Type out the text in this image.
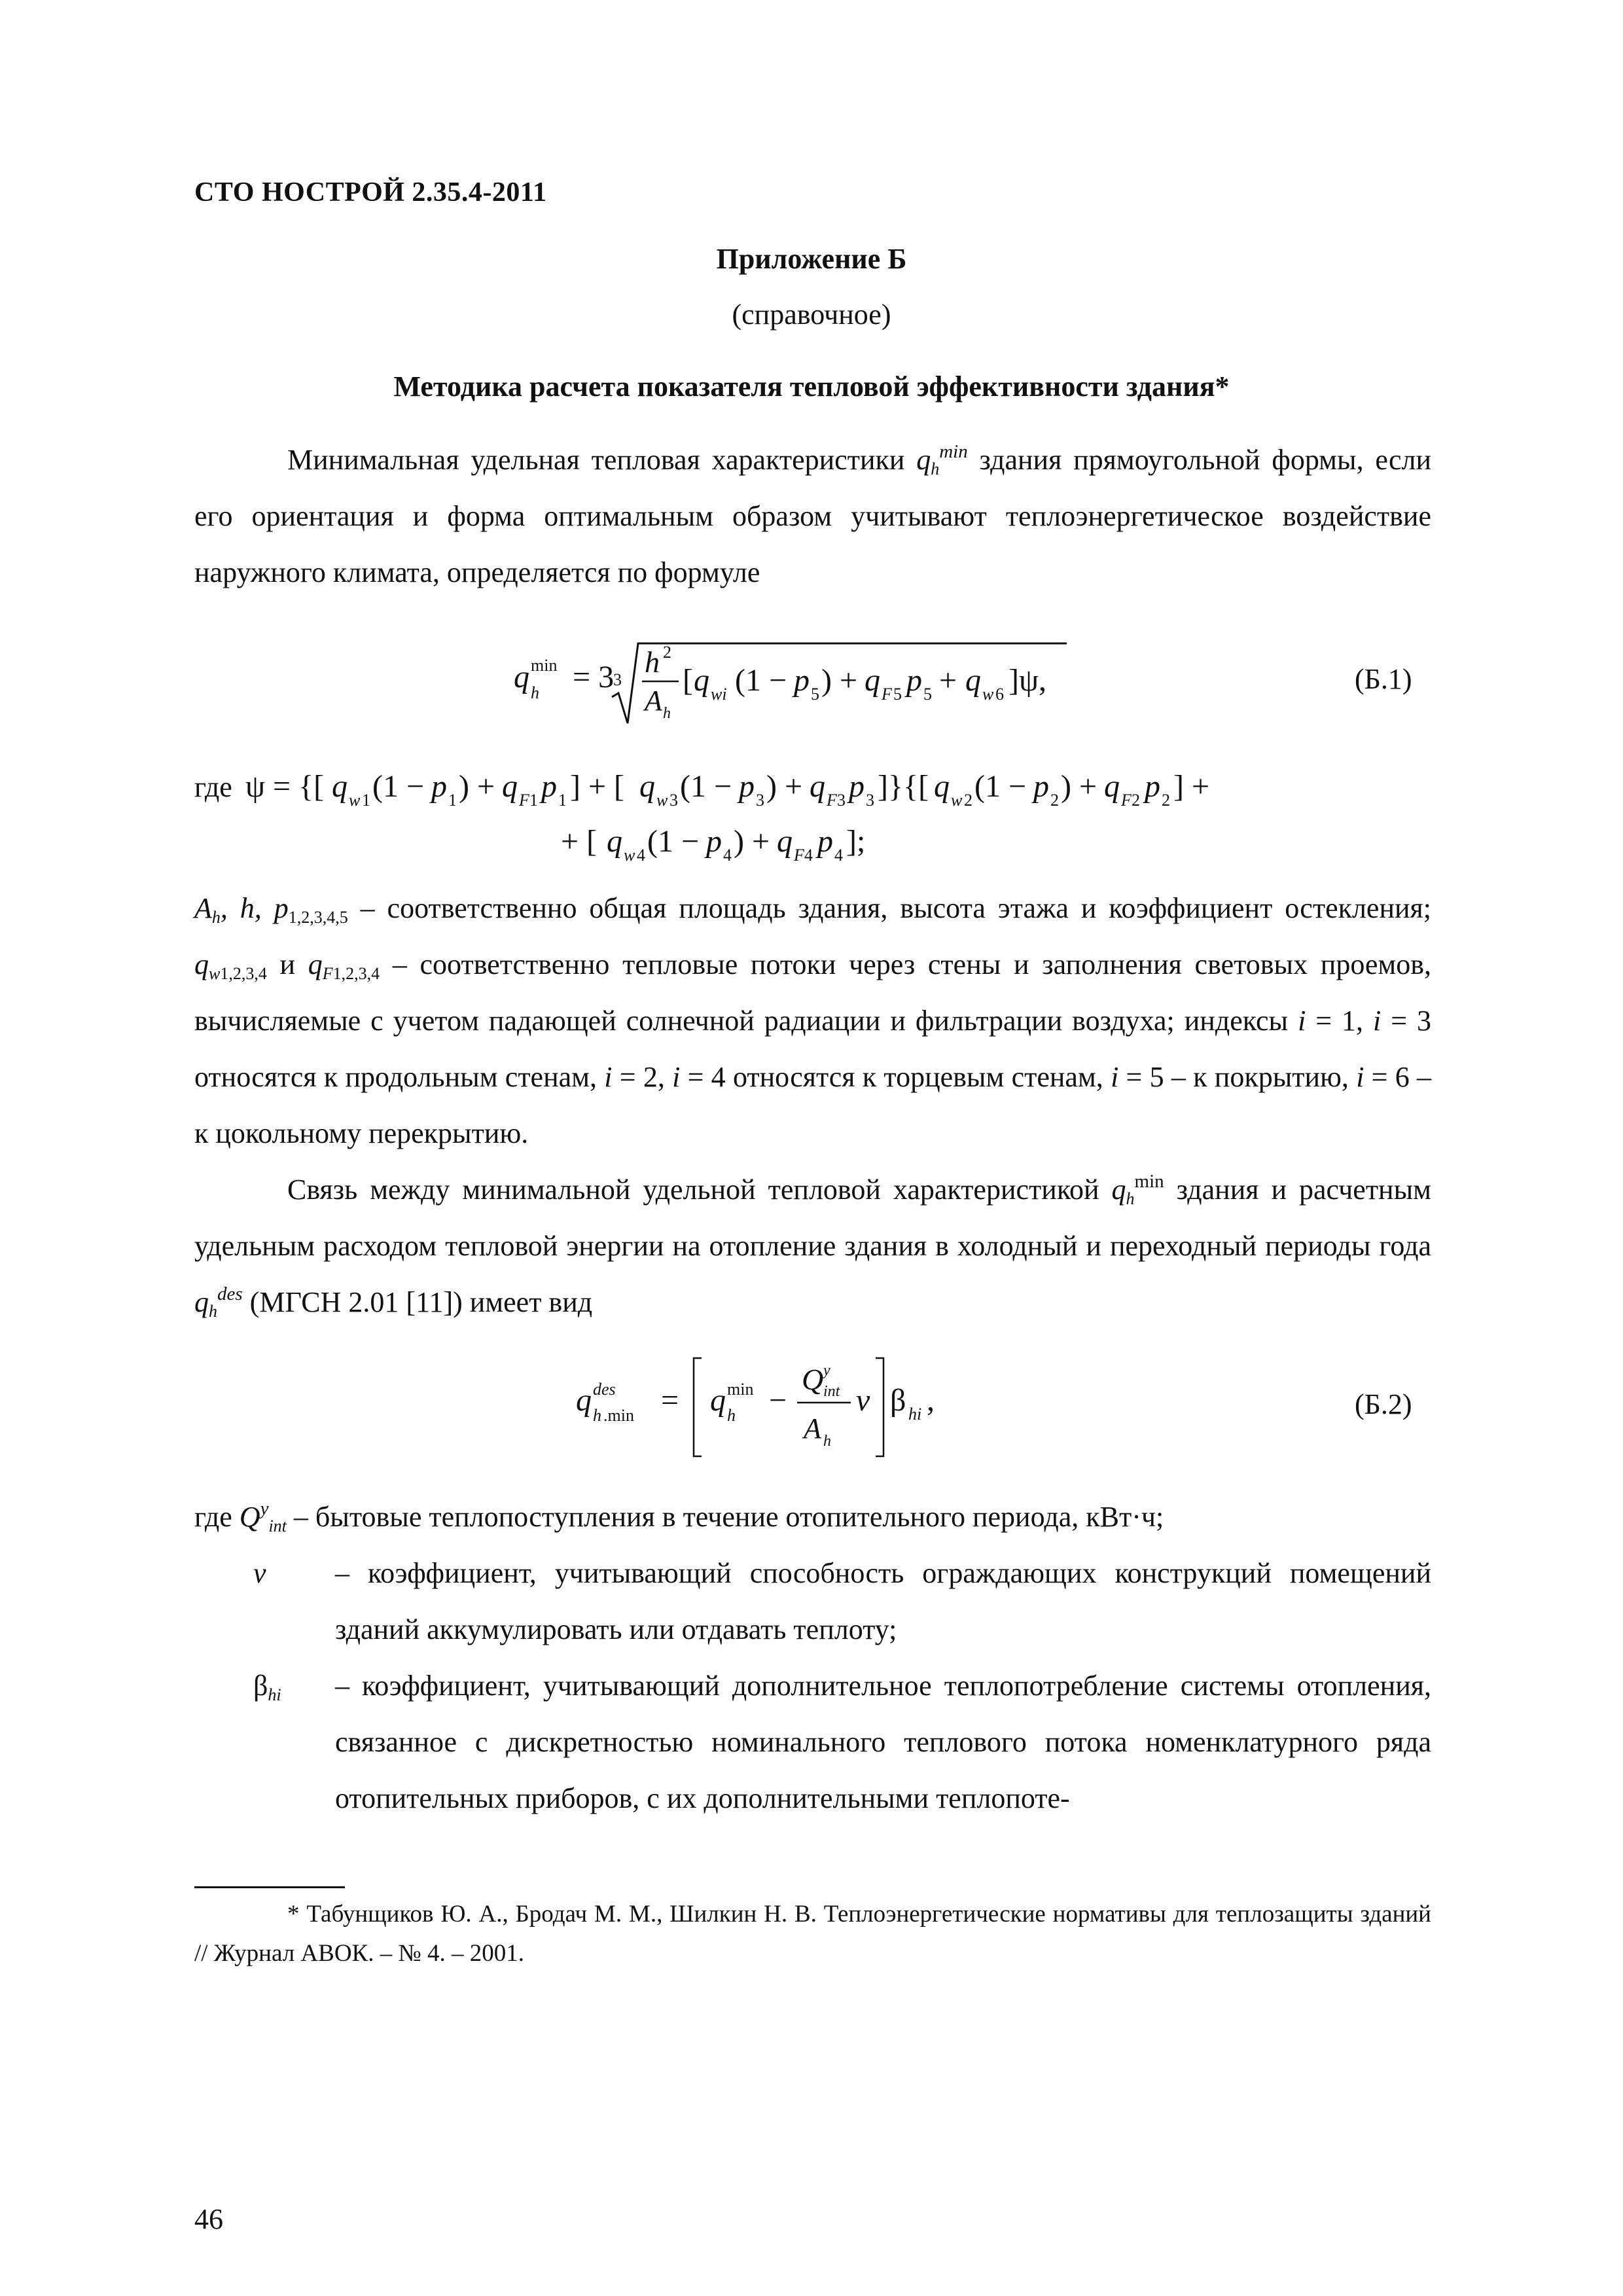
СТО НОСТРОЙ 2.35.4-2011
Приложение Б
(справочное)
Методика расчета показателя тепловой эффективности здания*
Минимальная удельная тепловая характеристики $q_h^{min}$ здания прямоугольной формы, если его ориентация и форма оптимальным образом учитывают теплоэнергетическое воздействие наружного климата, определяется по формуле
q h
min = 3
3
h 2
A h
[ q wi (1 − p 5 ) + q F 5 p 5 + q w 6 ]ψ,	(Б.1)
где ψ = {[ q w 1 (1 − p 1 ) + q F 1 p 1 ] + [ q w 3 (1 − p 3 ) + q F 3 p 3 ]}{[ q w 2 (1 − p 2 ) + q F 2 p 2 ] +
+ [ q w 4 (1 − p 4 ) + q F 4 p 4 ];
$A_h$, h, $p_{1,2,3,4,5}$ – соответственно общая площадь здания, высота этажа и коэффициент остекления; $q_{w1,2,3,4}$ и $q_{F1,2,3,4}$ – соответственно тепловые потоки через стены и заполнения световых проемов, вычисляемые с учетом падающей солнечной радиации и фильтрации воздуха; индексы i = 1, i = 3 относятся к продольным стенам, i = 2, i = 4 относятся к торцевым стенам, i = 5 – к покрытию, i = 6 – к цокольному перекрытию.
Связь между минимальной удельной тепловой характеристикой $q_h^{min}$ здания и расчетным удельным расходом тепловой энергии на отопление здания в холодный и переходный периоды года $q_h^{des}$ (МГСН 2.01 [11]) имеет вид
q des
h .min = q min
h −
Q y
int
A h
v β hi ,	(Б.2)
где $Q^y_{int}$ – бытовые теплопоступления в течение отопительного периода, кВт·ч;
v – коэффициент, учитывающий способность ограждающих конструкций помещений зданий аккумулировать или отдавать теплоту;
$\beta_{hi}$ – коэффициент, учитывающий дополнительное теплопотребление системы отопления, связанное с дискретностью номинального теплового потока номенклатурного ряда отопительных приборов, с их дополнительными теплопоте-
* Табунщиков Ю. А., Бродач М. М., Шилкин Н. В. Теплоэнергетические нормативы для теплозащиты зданий // Журнал АВОК. – № 4. – 2001.
46
